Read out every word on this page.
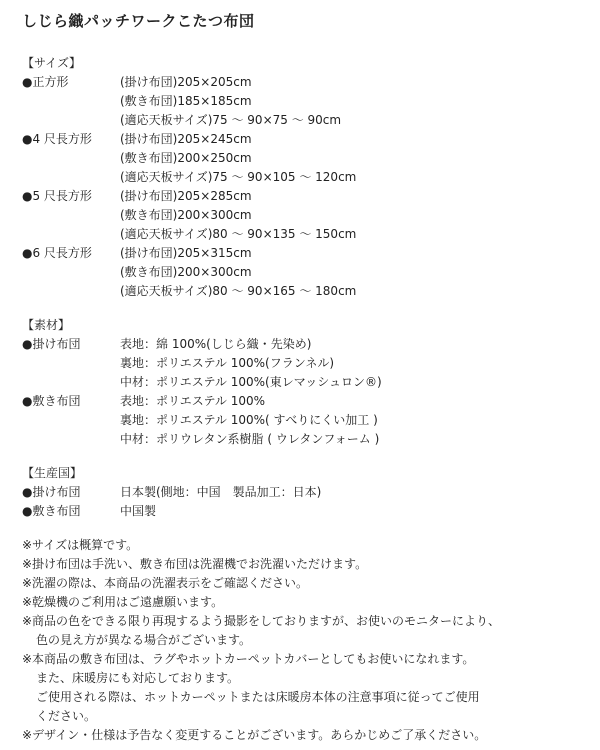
しじら織パッチワークこたつ布団
【サイズ】
●正方形	(掛け布団)205×205cm
(敷き布団)185×185cm
(適応天板サイズ)75 ～ 90×75 ～ 90cm
●4 尺長方形 (掛け布団)205×245cm
(敷き布団)200×250cm
(適応天板サイズ)75 ～ 90×105 ～ 120cm
●5 尺長方形 (掛け布団)205×285cm
(敷き布団)200×300cm
(適応天板サイズ)80 ～ 90×135 ～ 150cm
●6 尺長方形 (掛け布団)205×315cm
(敷き布団)200×300cm
(適応天板サイズ)80 ～ 90×165 ～ 180cm
【素材】
●掛け布団	表地：綿 100%(しじら織・先染め)
裏地：ポリエステル 100%(フランネル)
中材：ポリエステル 100%(東レマッシュロン®)
●敷き布団	表地：ポリエステル 100%
裏地：ポリエステル 100%( すべりにくい加工 )
中材：ポリウレタン系樹脂 ( ウレタンフォーム )
【生産国】
●掛け布団	日本製(側地：中国　製品加工：日本)
●敷き布団	中国製
※サイズは概算です。
※掛け布団は手洗い、敷き布団は洗濯機でお洗濯いただけます。
※洗濯の際は、本商品の洗濯表示をご確認ください。
※乾燥機のご利用はご遠慮願います。
※商品の色をできる限り再現するよう撮影をしておりますが、お使いのモニターにより、
色の見え方が異なる場合がございます。
※本商品の敷き布団は、ラグやホットカーペットカバーとしてもお使いになれます。
また、床暖房にも対応しております。
ご使用される際は、ホットカーペットまたは床暖房本体の注意事項に従ってご使用
ください。
※デザイン・仕様は予告なく変更することがございます。あらかじめご了承ください。
